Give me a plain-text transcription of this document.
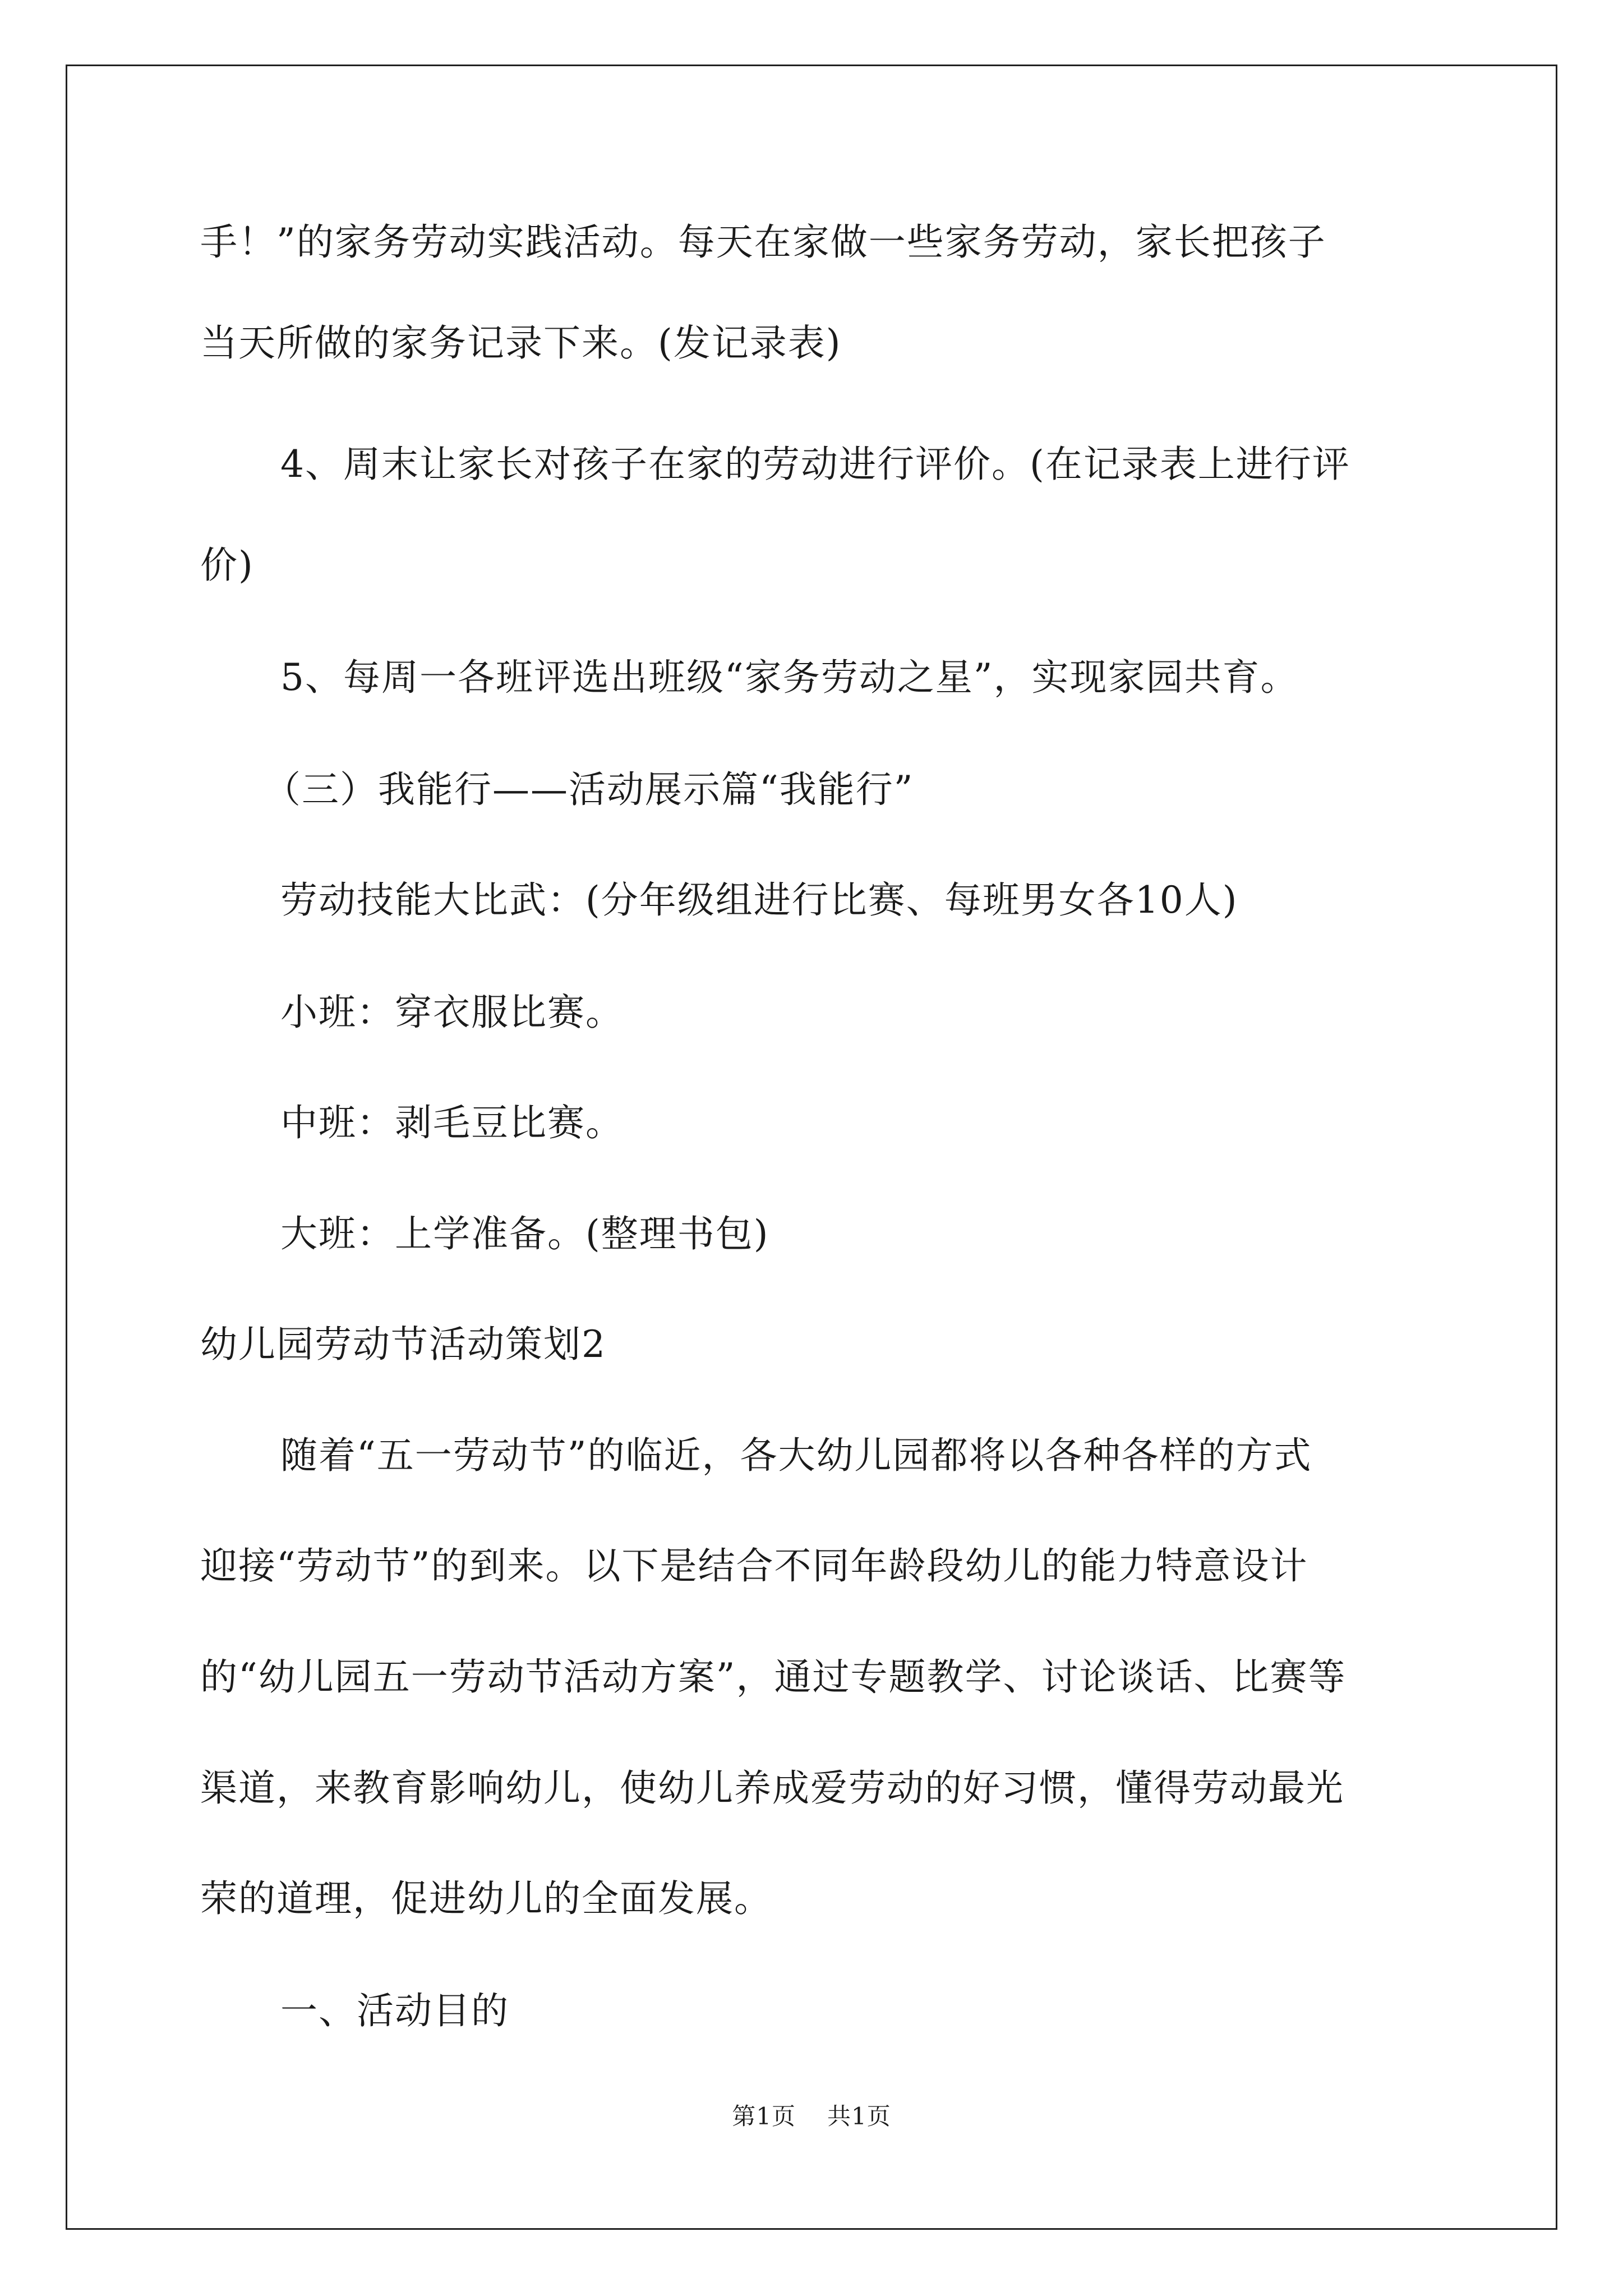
手！”的家务劳动实践活动。每天在家做一些家务劳动，家长把孩子
当天所做的家务记录下来。(发记录表)
4、周末让家长对孩子在家的劳动进行评价。(在记录表上进行评
价)
5、每周一各班评选出班级“家务劳动之星”，实现家园共育。
（三）我能行——活动展示篇“我能行”
劳动技能大比武：(分年级组进行比赛、每班男女各10人)
小班：穿衣服比赛。
中班：剥毛豆比赛。
大班：上学准备。(整理书包)
幼儿园劳动节活动策划2
随着“五一劳动节”的临近，各大幼儿园都将以各种各样的方式
迎接“劳动节”的到来。以下是结合不同年龄段幼儿的能力特意设计
的“幼儿园五一劳动节活动方案”，通过专题教学、讨论谈话、比赛等
渠道，来教育影响幼儿，使幼儿养成爱劳动的好习惯，懂得劳动最光
荣的道理，促进幼儿的全面发展。
一、活动目的
第1页 共1页
